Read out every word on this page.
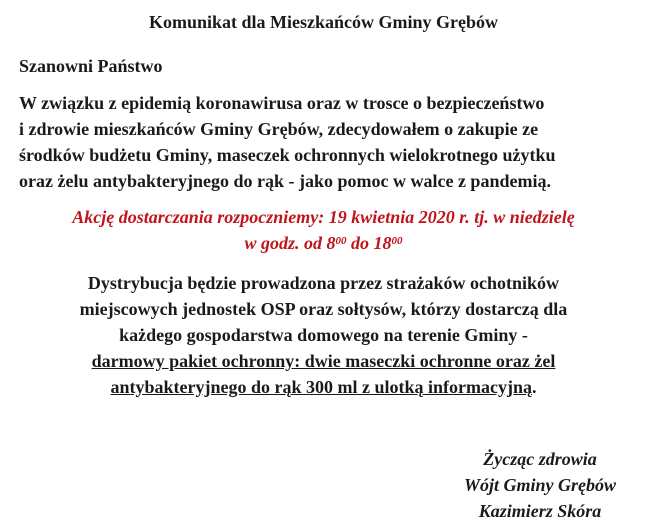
Komunikat dla Mieszkańców Gminy Grębów
Szanowni Państwo
W związku z epidemią koronawirusa oraz w trosce o bezpieczeństwo
i zdrowie mieszkańców Gminy Grębów, zdecydowałem o zakupie ze
środków budżetu Gminy, maseczek ochronnych wielokrotnego użytku
oraz żelu antybakteryjnego do rąk - jako pomoc w walce z pandemią.
Akcję dostarczania rozpoczniemy: 19 kwietnia 2020 r. tj. w niedzielę
w godz. od $8^{00}$ do $18^{00}$
Dystrybucja będzie prowadzona przez strażaków ochotników
miejscowych jednostek OSP oraz sołtysów, którzy dostarczą dla
każdego gospodarstwa domowego na terenie Gminy -
darmowy pakiet ochronny: dwie maseczki ochronne oraz żel
antybakteryjnego do rąk 300 ml z ulotką informacyjną.
Życząc zdrowia
Wójt Gminy Grębów
Kazimierz Skóra
